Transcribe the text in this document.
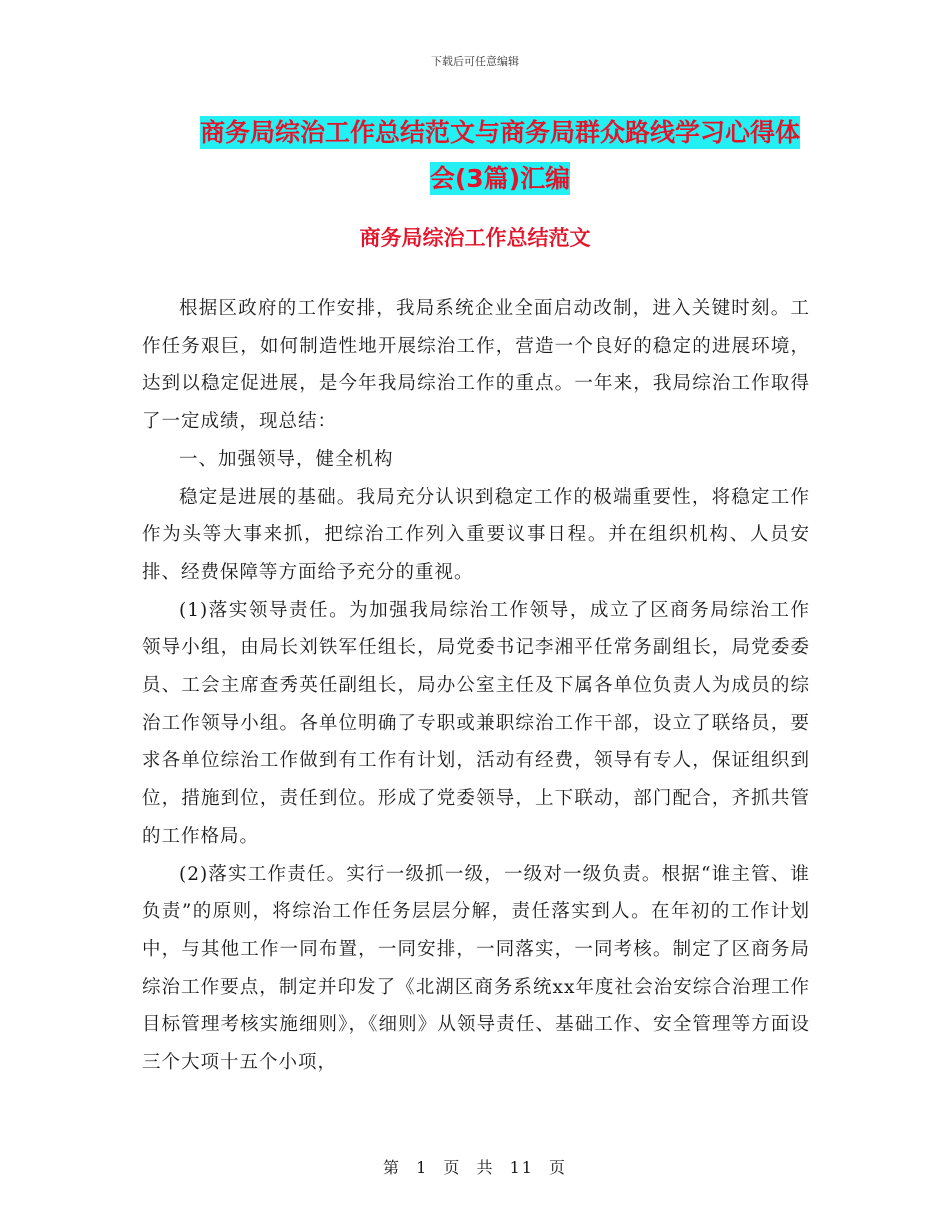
下载后可任意编辑
商务局综治工作总结范文与商务局群众路线学习心得体会(3篇)汇编
商务局综治工作总结范文

根据区政府的工作安排，我局系统企业全面启动改制，进入关键时刻。工作任务艰巨，如何制造性地开展综治工作，营造一个良好的稳定的进展环境，达到以稳定促进展，是今年我局综治工作的重点。一年来，我局综治工作取得了一定成绩，现总结：

一、加强领导，健全机构

稳定是进展的基础。我局充分认识到稳定工作的极端重要性，将稳定工作作为头等大事来抓，把综治工作列入重要议事日程。并在组织机构、人员安排、经费保障等方面给予充分的重视。

(1)落实领导责任。为加强我局综治工作领导，成立了区商务局综治工作领导小组，由局长刘铁军任组长，局党委书记李湘平任常务副组长，局党委委员、工会主席查秀英任副组长，局办公室主任及下属各单位负责人为成员的综治工作领导小组。各单位明确了专职或兼职综治工作干部，设立了联络员，要求各单位综治工作做到有工作有计划，活动有经费，领导有专人，保证组织到位，措施到位，责任到位。形成了党委领导，上下联动，部门配合，齐抓共管的工作格局。

(2)落实工作责任。实行一级抓一级，一级对一级负责。根据“谁主管、谁负责”的原则，将综治工作任务层层分解，责任落实到人。在年初的工作计划中，与其他工作一同布置，一同安排，一同落实，一同考核。制定了区商务局综治工作要点，制定并印发了《北湖区商务系统xx年度社会治安综合治理工作目标管理考核实施细则》，《细则》从领导责任、基础工作、安全管理等方面设三个大项十五个小项，

第 1 页 共 11 页
